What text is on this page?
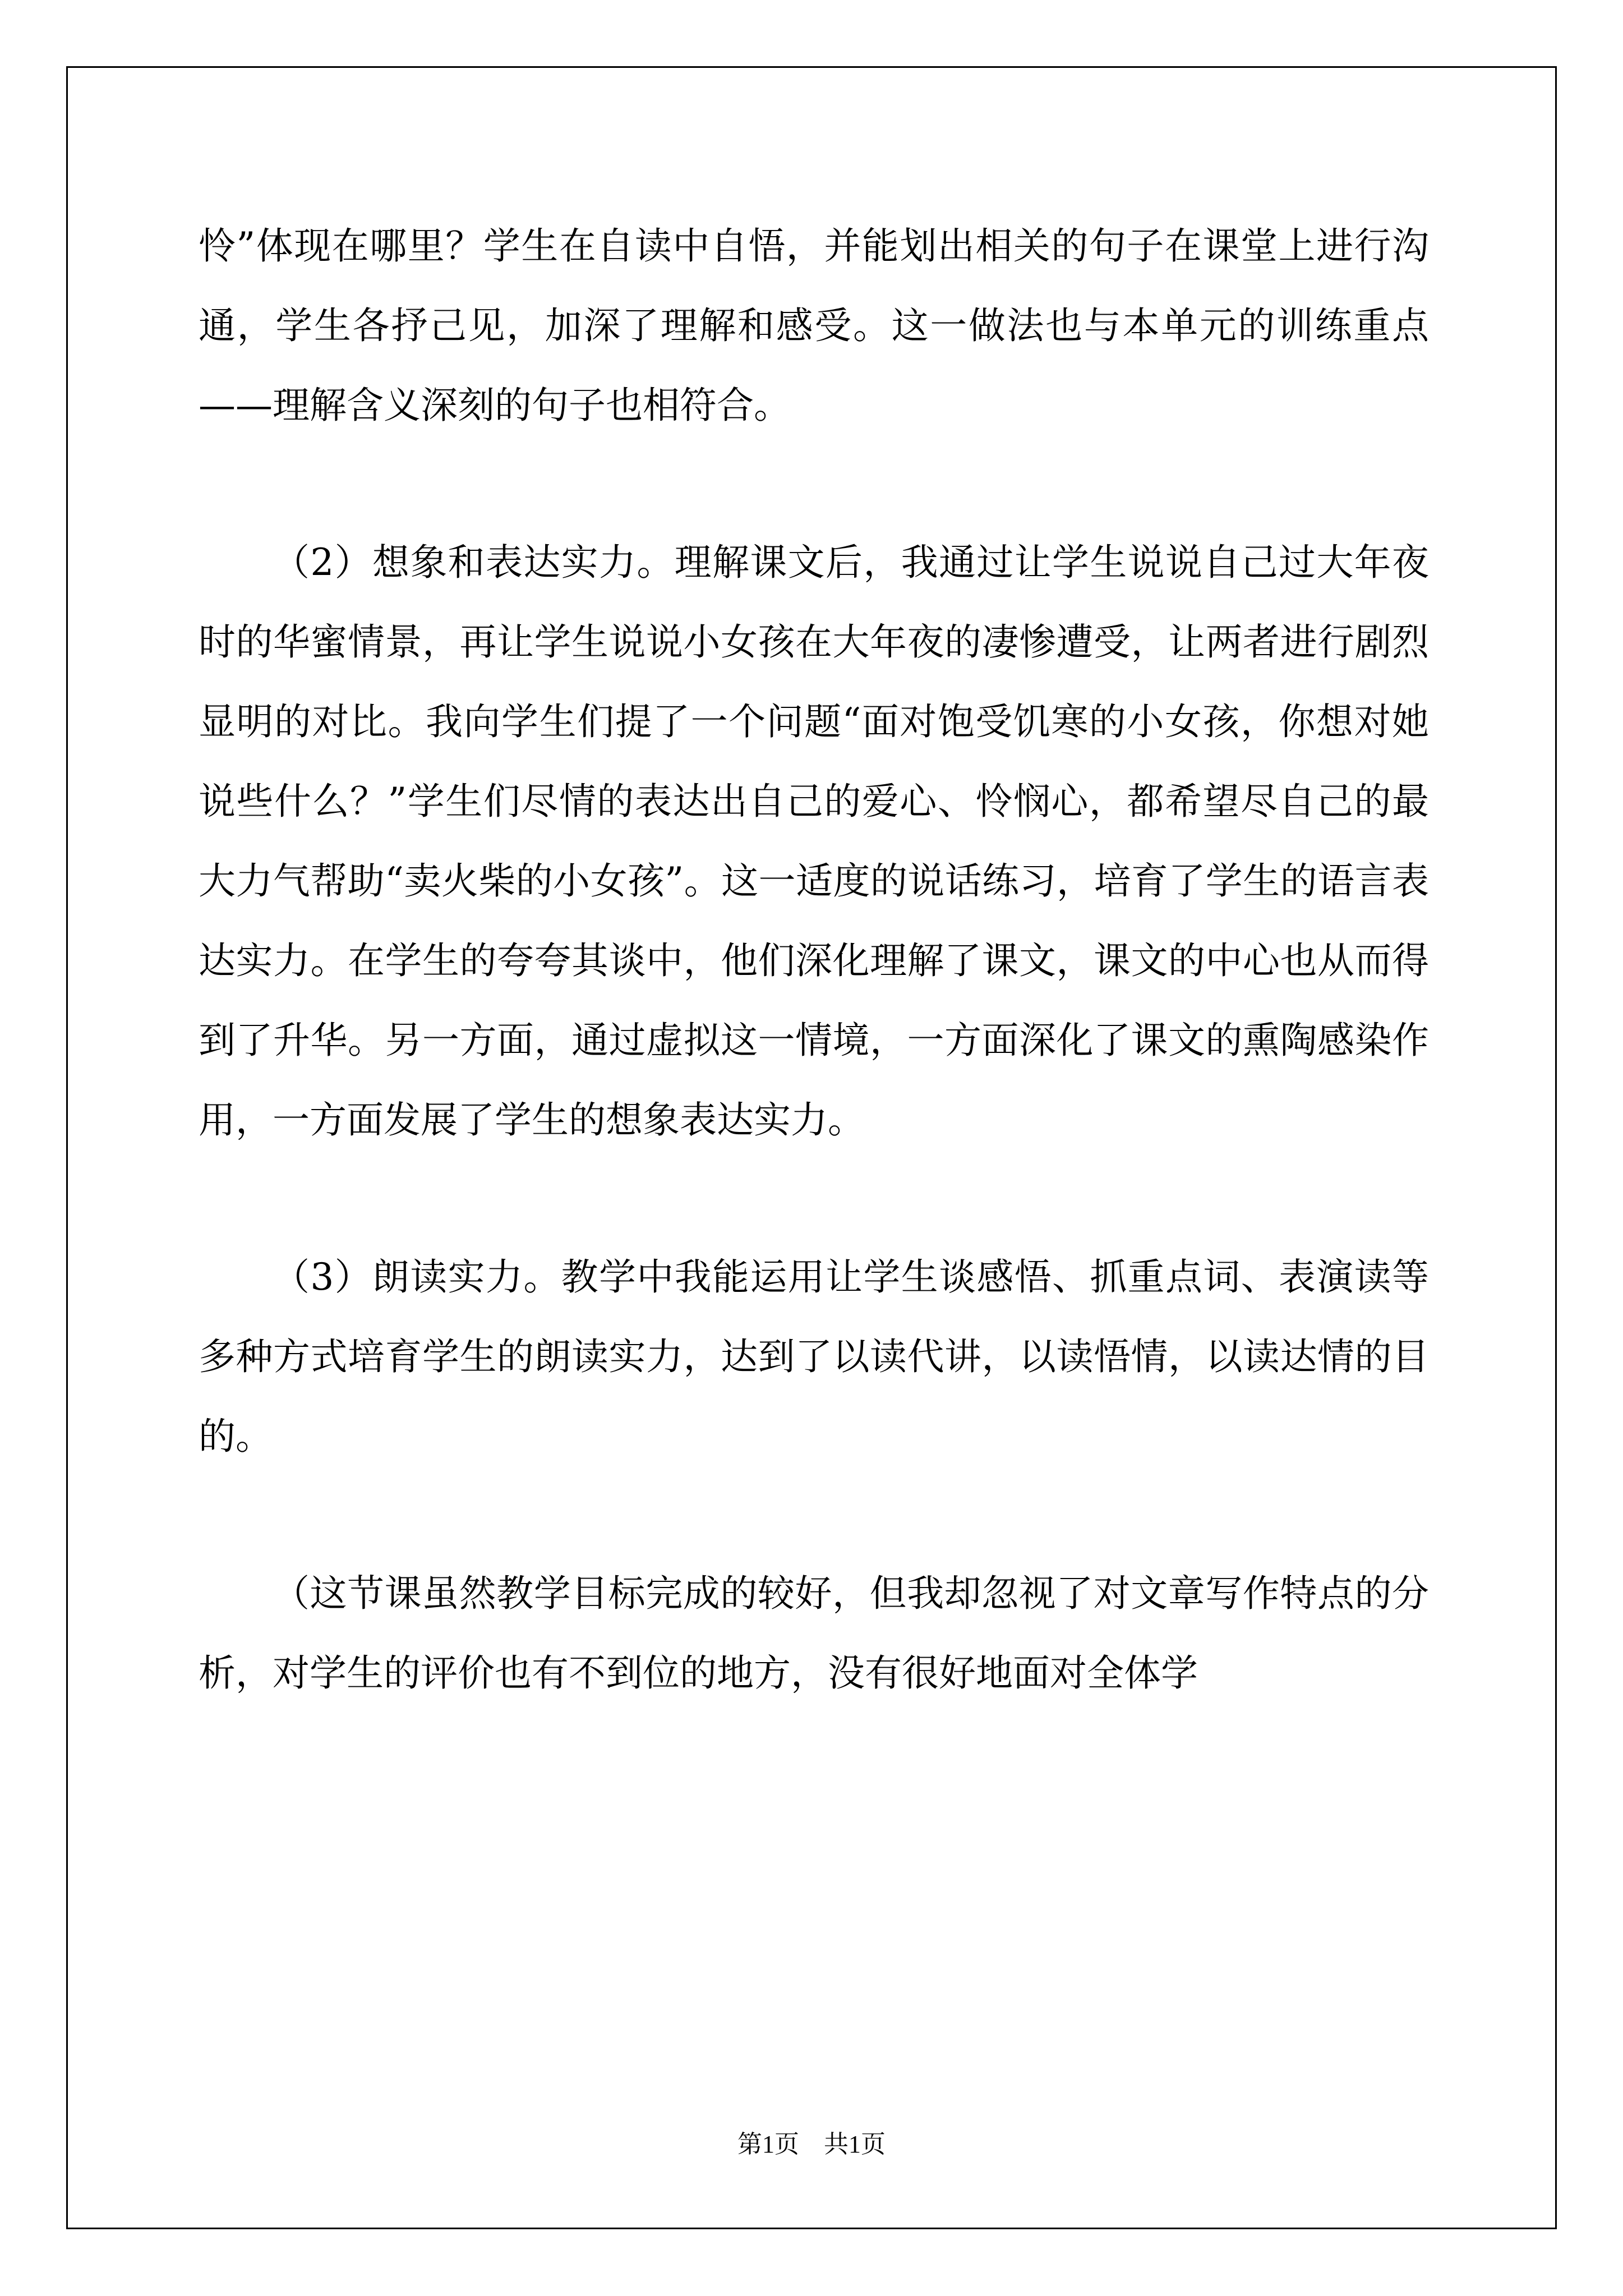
怜”体现在哪里？学生在自读中自悟，并能划出相关的句子在课堂上进行沟通，学生各抒己见，加深了理解和感受。这一做法也与本单元的训练重点——理解含义深刻的句子也相符合。

（2）想象和表达实力。理解课文后，我通过让学生说说自己过大年夜时的华蜜情景，再让学生说说小女孩在大年夜的凄惨遭受，让两者进行剧烈显明的对比。我向学生们提了一个问题“面对饱受饥寒的小女孩，你想对她说些什么？”学生们尽情的表达出自己的爱心、怜悯心，都希望尽自己的最大力气帮助“卖火柴的小女孩”。这一适度的说话练习，培育了学生的语言表达实力。在学生的夸夸其谈中，他们深化理解了课文，课文的中心也从而得到了升华。另一方面，通过虚拟这一情境，一方面深化了课文的熏陶感染作用，一方面发展了学生的想象表达实力。

（3）朗读实力。教学中我能运用让学生谈感悟、抓重点词、表演读等多种方式培育学生的朗读实力，达到了以读代讲，以读悟情，以读达情的目的。

（这节课虽然教学目标完成的较好，但我却忽视了对文章写作特点的分析，对学生的评价也有不到位的地方，没有很好地面对全体学

第1页 共1页
